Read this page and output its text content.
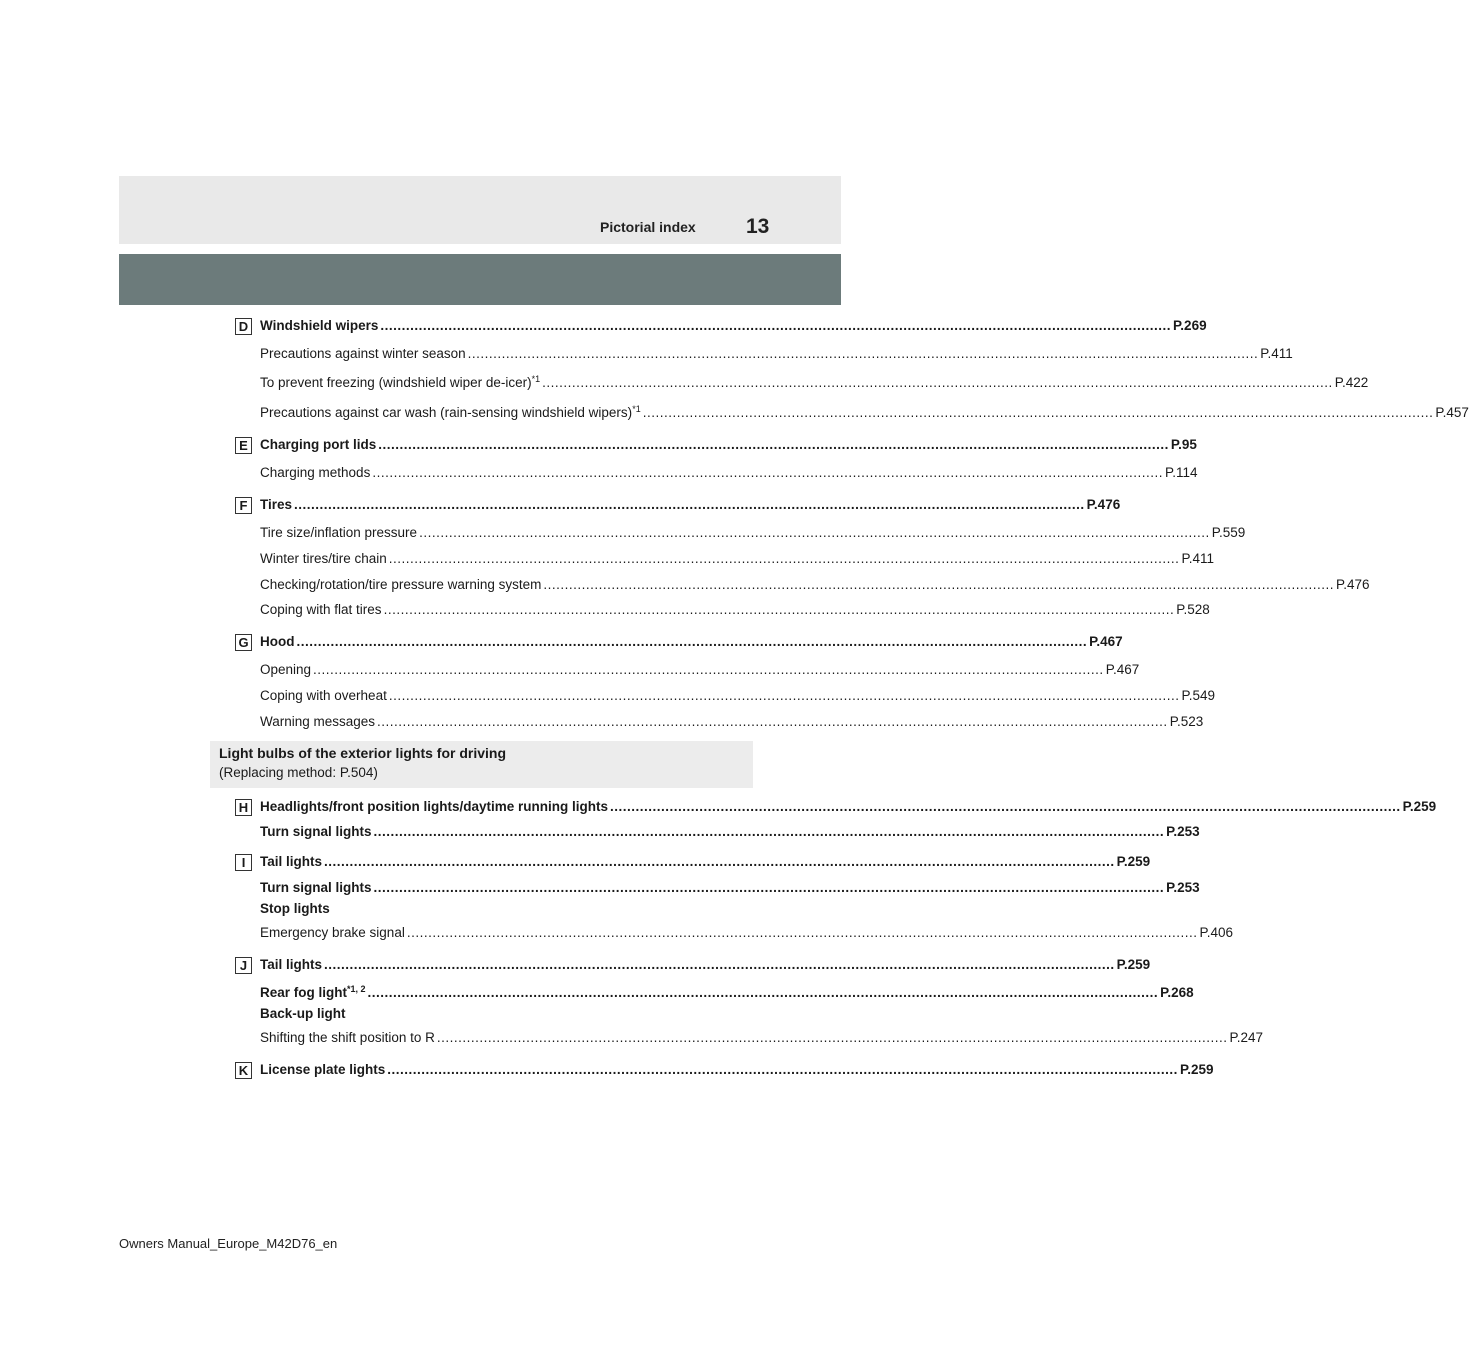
Pictorial index 13
D Windshield wipers .......................................................................................................................................................................................... P.269
Precautions against winter season .......................................................................................................................................................................................... P.411
To prevent freezing (windshield wiper de-icer)$^{*1}$ .......................................................................................................................................................................................... P.422
Precautions against car wash (rain-sensing windshield wipers)$^{*1}$ .......................................................................................................................................................................................... P.457
E Charging port lids .......................................................................................................................................................................................... P.95
Charging methods .......................................................................................................................................................................................... P.114
F Tires .......................................................................................................................................................................................... P.476
Tire size/inflation pressure .......................................................................................................................................................................................... P.559
Winter tires/tire chain .......................................................................................................................................................................................... P.411
Checking/rotation/tire pressure warning system .......................................................................................................................................................................................... P.476
Coping with flat tires .......................................................................................................................................................................................... P.528
G Hood .......................................................................................................................................................................................... P.467
Opening .......................................................................................................................................................................................... P.467
Coping with overheat .......................................................................................................................................................................................... P.549
Warning messages .......................................................................................................................................................................................... P.523
Light bulbs of the exterior lights for driving
(Replacing method: P.504)
H Headlights/front position lights/daytime running lights .......................................................................................................................................................................................... P.259
Turn signal lights .......................................................................................................................................................................................... P.253
I	Tail lights .......................................................................................................................................................................................... P.259
Turn signal lights .......................................................................................................................................................................................... P.253
Stop lights
Emergency brake signal .......................................................................................................................................................................................... P.406
J Tail lights .......................................................................................................................................................................................... P.259
Rear fog light$^{*1, 2}$ .......................................................................................................................................................................................... P.268
Back-up light
Shifting the shift position to R .......................................................................................................................................................................................... P.247
K License plate lights .......................................................................................................................................................................................... P.259
Owners Manual_Europe_M42D76_en
